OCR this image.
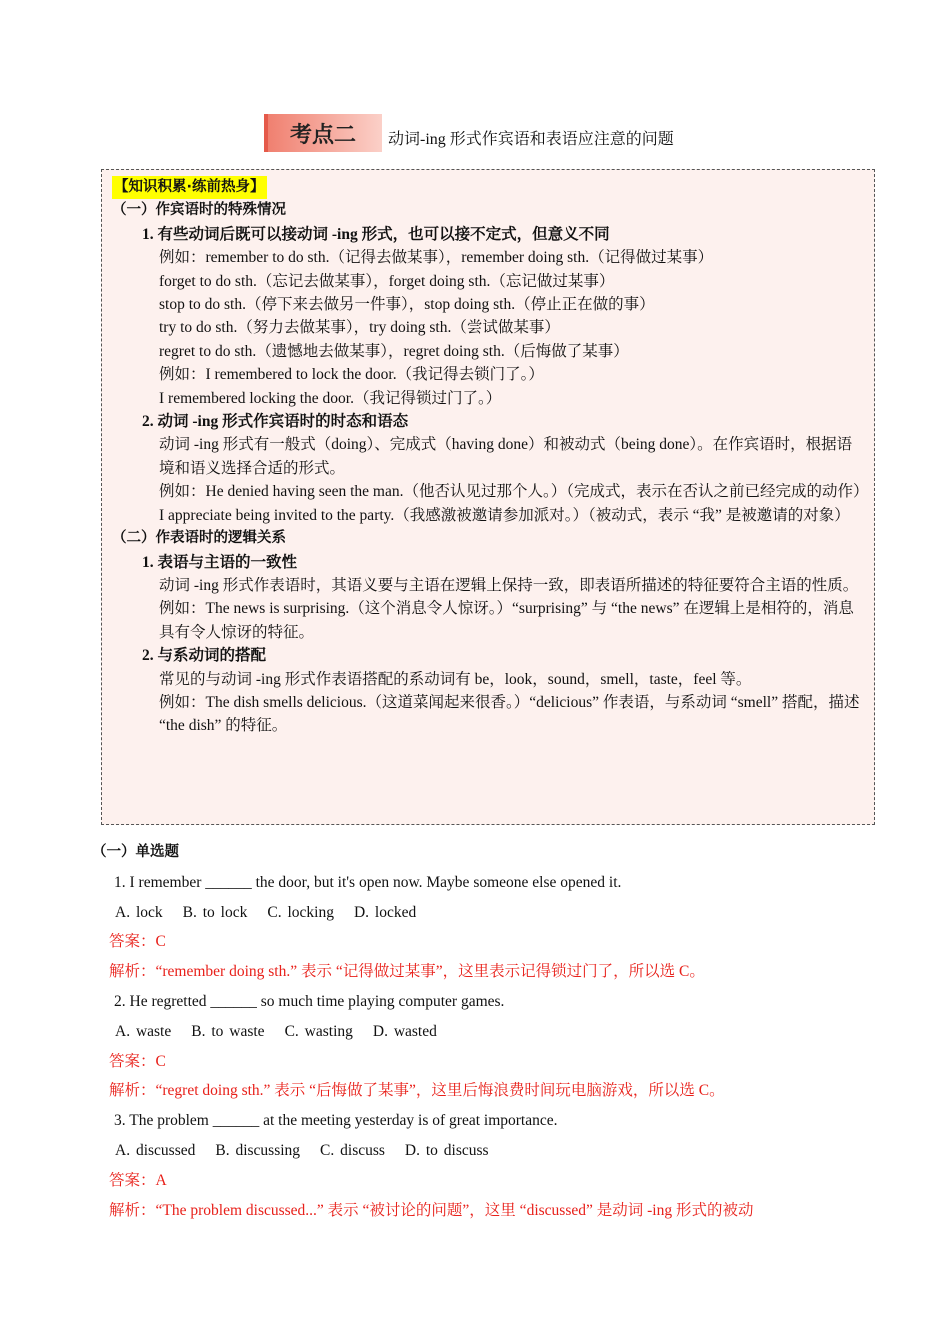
考点二 动词-ing 形式作宾语和表语应注意的问题
【知识积累·练前热身】
（一）作宾语时的特殊情况
1. 有些动词后既可以接动词 -ing 形式，也可以接不定式，但意义不同
例如：remember to do sth.（记得去做某事），remember doing sth.（记得做过某事）
forget to do sth.（忘记去做某事），forget doing sth.（忘记做过某事）
stop to do sth.（停下来去做另一件事），stop doing sth.（停止正在做的事）
try to do sth.（努力去做某事），try doing sth.（尝试做某事）
regret to do sth.（遗憾地去做某事），regret doing sth.（后悔做了某事）
例如：I remembered to lock the door.（我记得去锁门了。）
I remembered locking the door.（我记得锁过门了。）
2. 动词 -ing 形式作宾语时的时态和语态
动词 -ing 形式有一般式（doing）、完成式（having done）和被动式（being done）。在作宾语时，根据语境和语义选择合适的形式。
例如：He denied having seen the man.（他否认见过那个人。）（完成式，表示在否认之前已经完成的动作）
I appreciate being invited to the party.（我感激被邀请参加派对。）（被动式，表示 “我” 是被邀请的对象）
（二）作表语时的逻辑关系
1. 表语与主语的一致性
动词 -ing 形式作表语时，其语义要与主语在逻辑上保持一致，即表语所描述的特征要符合主语的性质。
例如：The news is surprising.（这个消息令人惊讶。）“surprising” 与 “the news” 在逻辑上是相符的，消息具有令人惊讶的特征。
2. 与系动词的搭配
常见的与动词 -ing 形式作表语搭配的系动词有 be，look，sound，smell，taste，feel 等。
例如：The dish smells delicious.（这道菜闻起来很香。）“delicious” 作表语，与系动词 “smell” 搭配，描述 “the dish” 的特征。
（一）单选题
1. I remember ______ the door, but it's open now. Maybe someone else opened it.
A. lock B. to lock C. locking D. locked
答案：C
解析：“remember doing sth.” 表示 “记得做过某事”，这里表示记得锁过门了，所以选 C。
2. He regretted ______ so much time playing computer games.
A. waste B. to waste C. wasting D. wasted
答案：C
解析：“regret doing sth.” 表示 “后悔做了某事”，这里后悔浪费时间玩电脑游戏，所以选 C。
3. The problem ______ at the meeting yesterday is of great importance.
A. discussed B. discussing C. discuss D. to discuss
答案：A
解析：“The problem discussed...” 表示 “被讨论的问题”，这里 “discussed” 是动词 -ing 形式的被动
